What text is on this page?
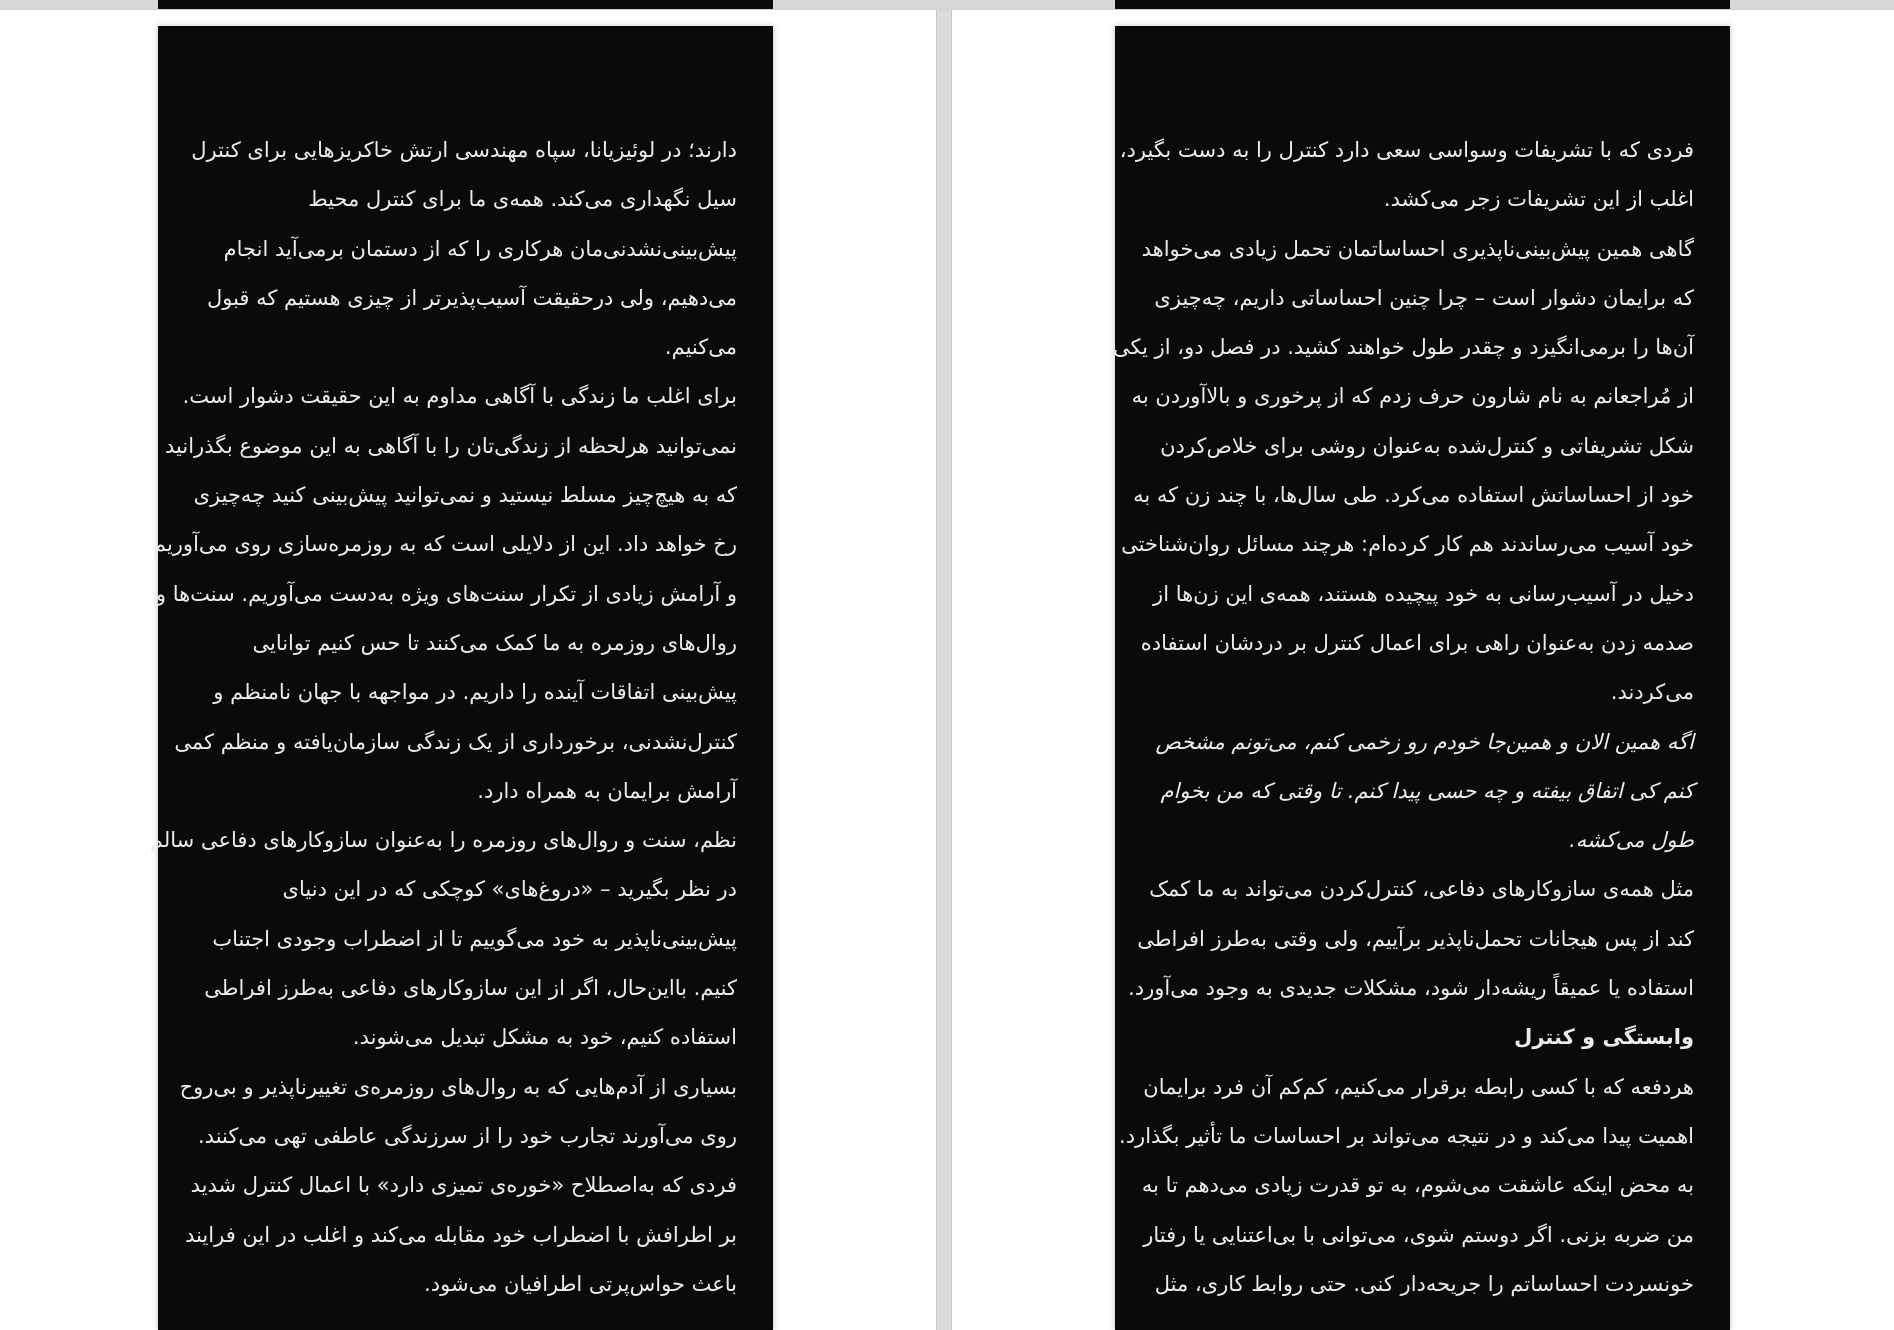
دارند؛ در لوئیزیانا، سپاه مهندسی ارتش خاکریزهایی برای کنترل
سیل نگهداری می‌کند. همه‌ی ما برای کنترل محیط
پیش‌بینی‌نشدنی‌مان هرکاری را که از دستمان برمی‌آید انجام
می‌دهیم، ولی درحقیقت آسیب‌پذیرتر از چیزی هستیم که قبول
می‌کنیم.
برای اغلب ما زندگی با آگاهی مداوم به این حقیقت دشوار است.
نمی‌توانید هرلحظه از زندگی‌تان را با آگاهی به این موضوع بگذرانید
که به هیچ‌چیز مسلط نیستید و نمی‌توانید پیش‌بینی کنید چه‌چیزی
رخ خواهد داد. این از دلایلی است که به روزمره‌سازی روی می‌آوریم
و آرامش زیادی از تکرار سنت‌های ویژه به‌دست می‌آوریم. سنت‌ها و
روال‌های روزمره به ما کمک می‌کنند تا حس کنیم توانایی
پیش‌بینی اتفاقات آینده را داریم. در مواجهه با جهان نامنظم و
کنترل‌نشدنی، برخورداری از یک زندگی سازمان‌یافته و منظم کمی
آرامش برایمان به همراه دارد.
نظم، سنت و روال‌های روزمره را به‌عنوان سازوکارهای دفاعی سالم
در نظر بگیرید – «دروغ‌های» کوچکی که در این دنیای
پیش‌بینی‌ناپذیر به خود می‌گوییم تا از اضطراب وجودی اجتناب
کنیم. بااین‌حال، اگر از این سازوکارهای دفاعی به‌طرز افراطی
استفاده کنیم، خود به مشکل تبدیل می‌شوند.
بسیاری از آدم‌هایی که به روال‌های روزمره‌ی تغییرناپذیر و بی‌روح
روی می‌آورند تجارب خود را از سرزندگی عاطفی تهی می‌کنند.
فردی که به‌اصطلاح «خوره‌ی تمیزی دارد» با اعمال کنترل شدید
بر اطرافش با اضطراب خود مقابله می‌کند و اغلب در این فرایند
باعث حواس‌پرتی اطرافیان می‌شود.
فردی که با تشریفات وسواسی سعی دارد کنترل را به دست بگیرد،
اغلب از این تشریفات زجر می‌کشد.
گاهی همین پیش‌بینی‌ناپذیری احساساتمان تحمل زیادی می‌خواهد
که برایمان دشوار است – چرا چنین احساساتی داریم، چه‌چیزی
آن‌ها را برمی‌انگیزد و چقدر طول خواهند کشید. در فصل دو، از یکی
از مُراجعانم به نام شارون حرف زدم که از پرخوری و بالاآوردن به
شکل تشریفاتی و کنترل‌شده به‌عنوان روشی برای خلاص‌کردن
خود از احساساتش استفاده می‌کرد. طی سال‌ها، با چند زن که به
خود آسیب می‌رساندند هم کار کرده‌ام: هرچند مسائل روان‌شناختی
دخیل در آسیب‌رسانی به خود پیچیده هستند، همه‌ی این زن‌ها از
صدمه زدن به‌عنوان راهی برای اعمال کنترل بر دردشان استفاده
می‌کردند.
اگه همین الان و همین‌جا خودم رو زخمی کنم، می‌تونم مشخص
کنم کی اتفاق بیفته و چه حسی پیدا کنم. تا وقتی که من بخوام
طول می‌کشه.
مثل همه‌ی سازوکارهای دفاعی، کنترل‌کردن می‌تواند به ما کمک
کند از پس هیجانات تحمل‌ناپذیر برآییم، ولی وقتی به‌طرز افراطی
استفاده یا عمیقاً ریشه‌دار شود، مشکلات جدیدی به وجود می‌آورد.
وابستگی و کنترل
هردفعه که با کسی رابطه برقرار می‌کنیم، کم‌کم آن فرد برایمان
اهمیت پیدا می‌کند و در نتیجه می‌تواند بر احساسات ما تأثیر بگذارد.
به محض اینکه عاشقت می‌شوم، به تو قدرت زیادی می‌دهم تا به
من ضربه بزنی. اگر دوستم شوی، می‌توانی با بی‌اعتنایی یا رفتار
خونسردت احساساتم را جریحه‌دار کنی. حتی روابط کاری، مثل
